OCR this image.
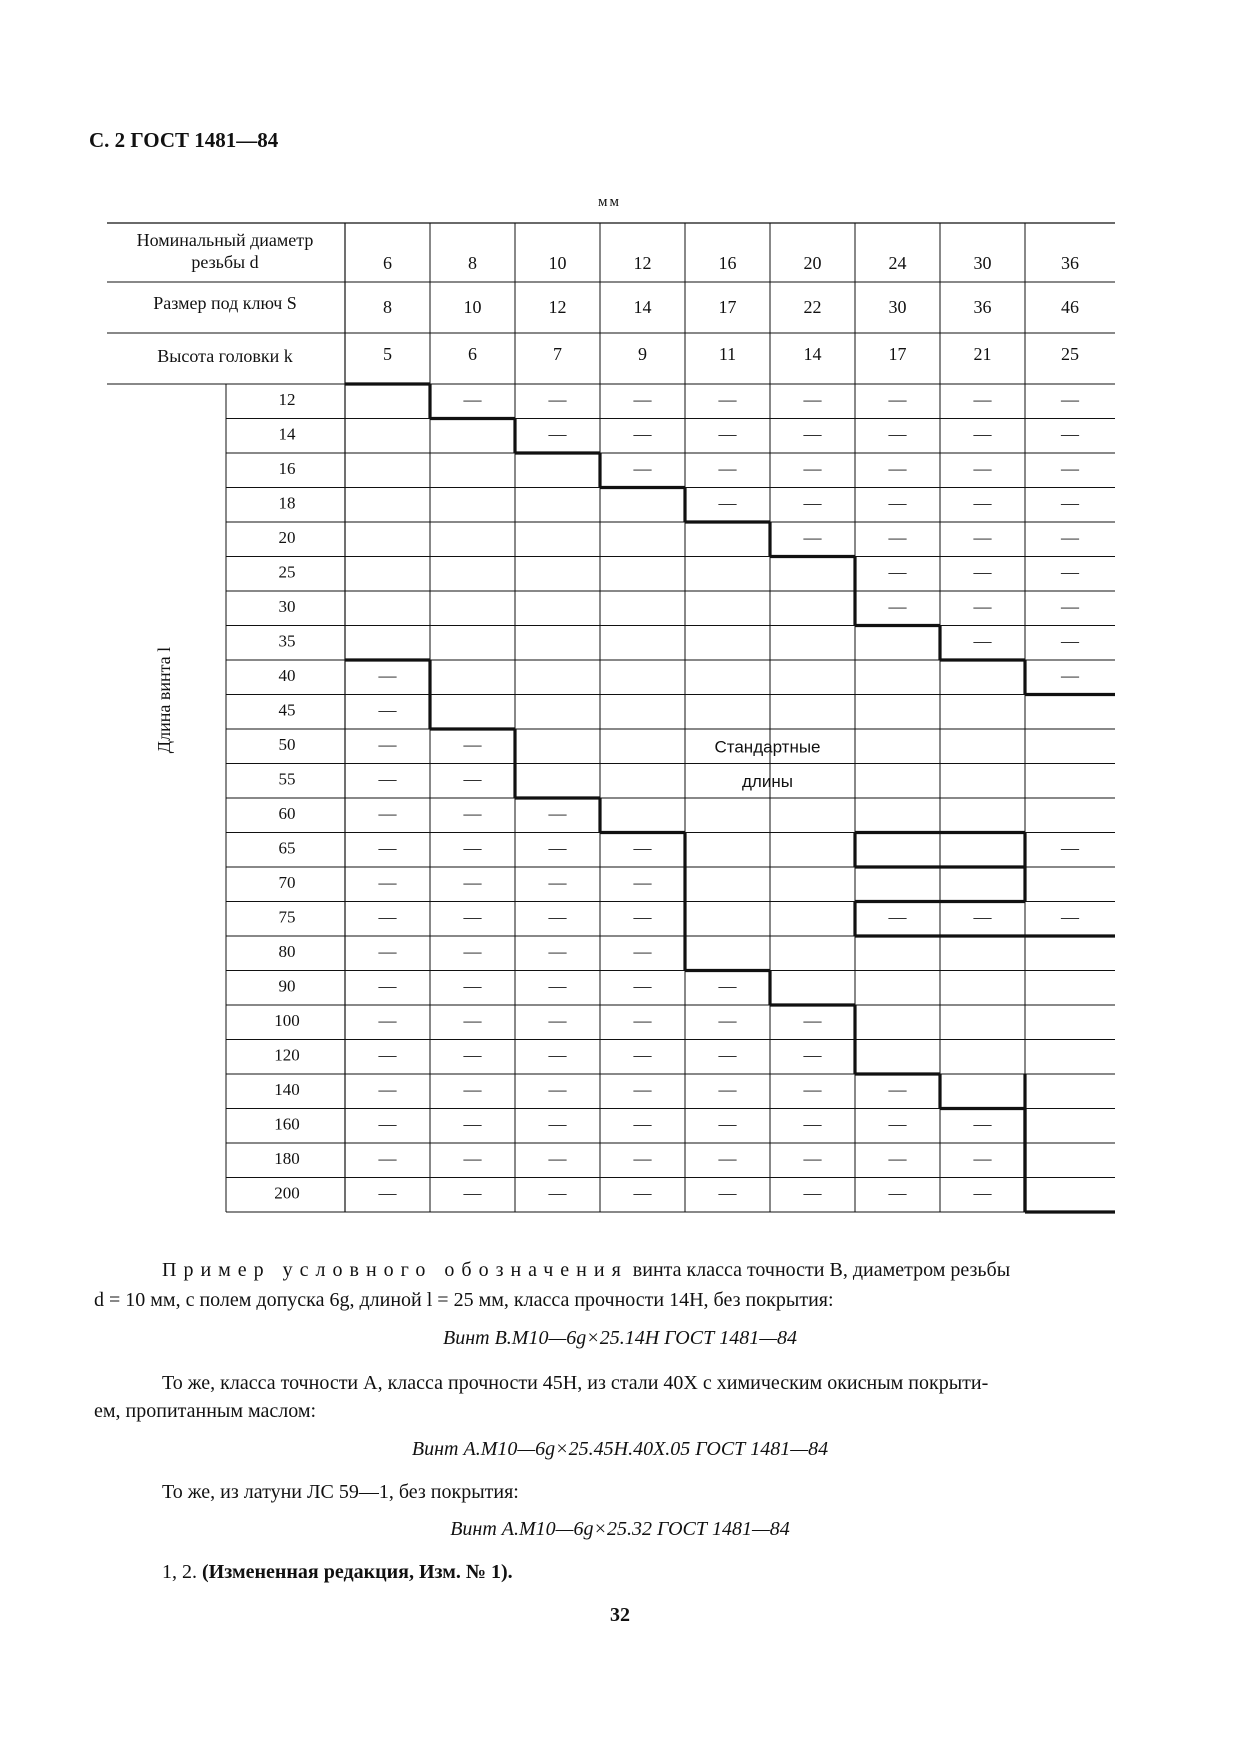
С. 2 ГОСТ 1481—84
мм
Номинальный диаметр
резьбы d
Размер под ключ S
Высота головки k
6
8
5
8
10
6
10
12
7
12
14
9
16
17
11
20
22
14
24
30
17
30
36
21
36
46
25
Длина винта l
12
14
16
18
20
25
30
35
40
45
50
55
60
65
70
75
80
90
100
120
140
160
180
200
—
—
—
—
—
—
—
—
—
—
—
—
—
—
—
—
—
—
—
—
—
—
—
—
—
—
—
—
—
—
—
—
—
—
—
—
—
—
—
—
—
—
—
—
—
—
—
—
—
—
—
—
—
—
—
—
—
—
—
—
—
—
—
—
—
—
—
—
—
—
—
—
—
—
—
—
—
—
—
—
—
—
—
—
—
—
—
—
—
—
—
—
—
—
—
—
—
—
—
—
—
—
—
—
—
—
—
—
—
—
—
—
—
—	—	—
Стандартные
длины
Пример условного обозначения винта класса точности В, диаметром резьбы
d = 10 мм, с полем допуска 6g, длиной l = 25 мм, класса прочности 14H, без покрытия:
Винт В.М10—6g×25.14H ГОСТ 1481—84
То же, класса точности А, класса прочности 45H, из стали 40Х с химическим окисным покрыти-
ем, пропитанным маслом:
Винт А.М10—6g×25.45H.40X.05 ГОСТ 1481—84
То же, из латуни ЛС 59—1, без покрытия:
Винт А.М10—6g×25.32 ГОСТ 1481—84
1, 2. (Измененная редакция, Изм. № 1).
32
